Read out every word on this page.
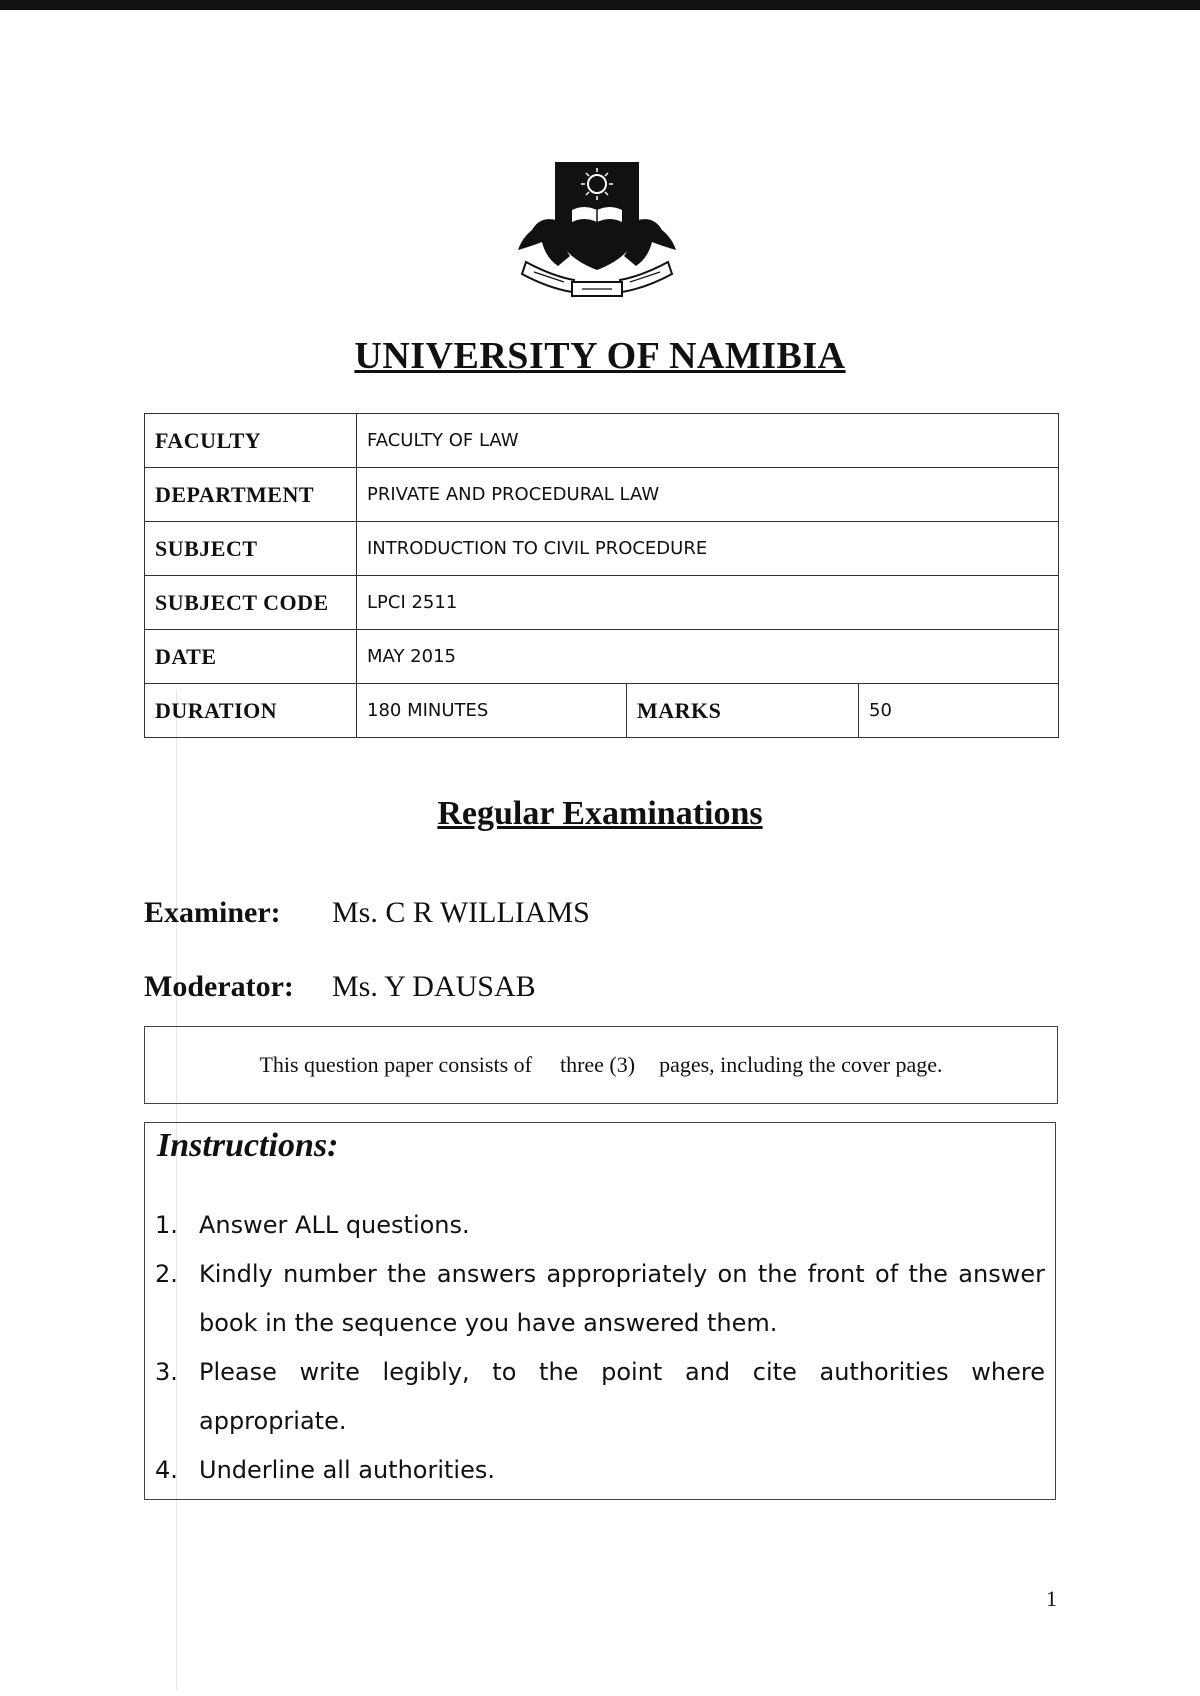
UNIVERSITY OF NAMIBIA
FACULTY	FACULTY OF LAW		
DEPARTMENT	PRIVATE AND PROCEDURAL LAW		
SUBJECT	INTRODUCTION TO CIVIL PROCEDURE		
SUBJECT CODE	LPCI 2511		
DATE	MAY 2015		
DURATION	180 MINUTES	MARKS	50
Regular Examinations
Examiner: Ms. C R WILLIAMS
Moderator: Ms. Y DAUSAB
This question paper consists of three (3) pages, including the cover page.
Instructions:
1. Answer ALL questions.
2. Kindly number the answers appropriately on the front of the answer book in the sequence you have answered them.
3. Please write legibly, to the point and cite authorities where appropriate.
4. Underline all authorities.
1
